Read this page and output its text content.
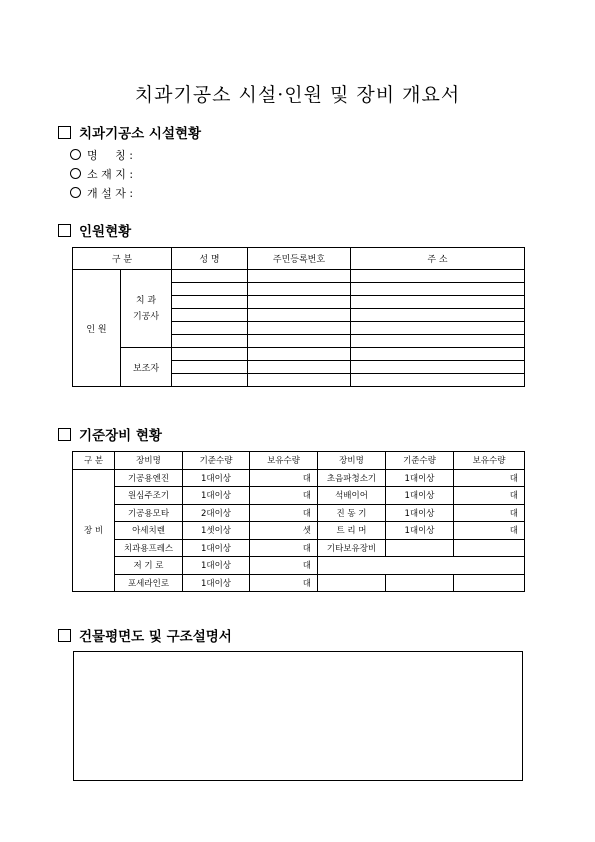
치과기공소 시설·인원 및 장비 개요서
치과기공소 시설현황
명     칭 :
소 재 지 :
개 설 자 :
인원현황
구 분		성 명	주민등록번호	주 소
인 원	치 과
기공사			

	보조자			

기준장비 현황
구 분	장비명	기준수량	보유수량	장비명	기준수량	보유수량
장 비	기공용엔진	1대이상	대	초음파청소기	1대이상	대
	원심주조기	1대이상	대	석배이어	1대이상	대
	기공용모타	2대이상	대	진 동 기	1대이상	대
	아세치렌	1셋이상	셋	트 리 머	1대이상	대
	치과용프레스	1대이상	대	기타보유장비		
	저 기 로	1대이상	대			
	포세라인로	1대이상	대			
건물평면도 및 구조설명서
